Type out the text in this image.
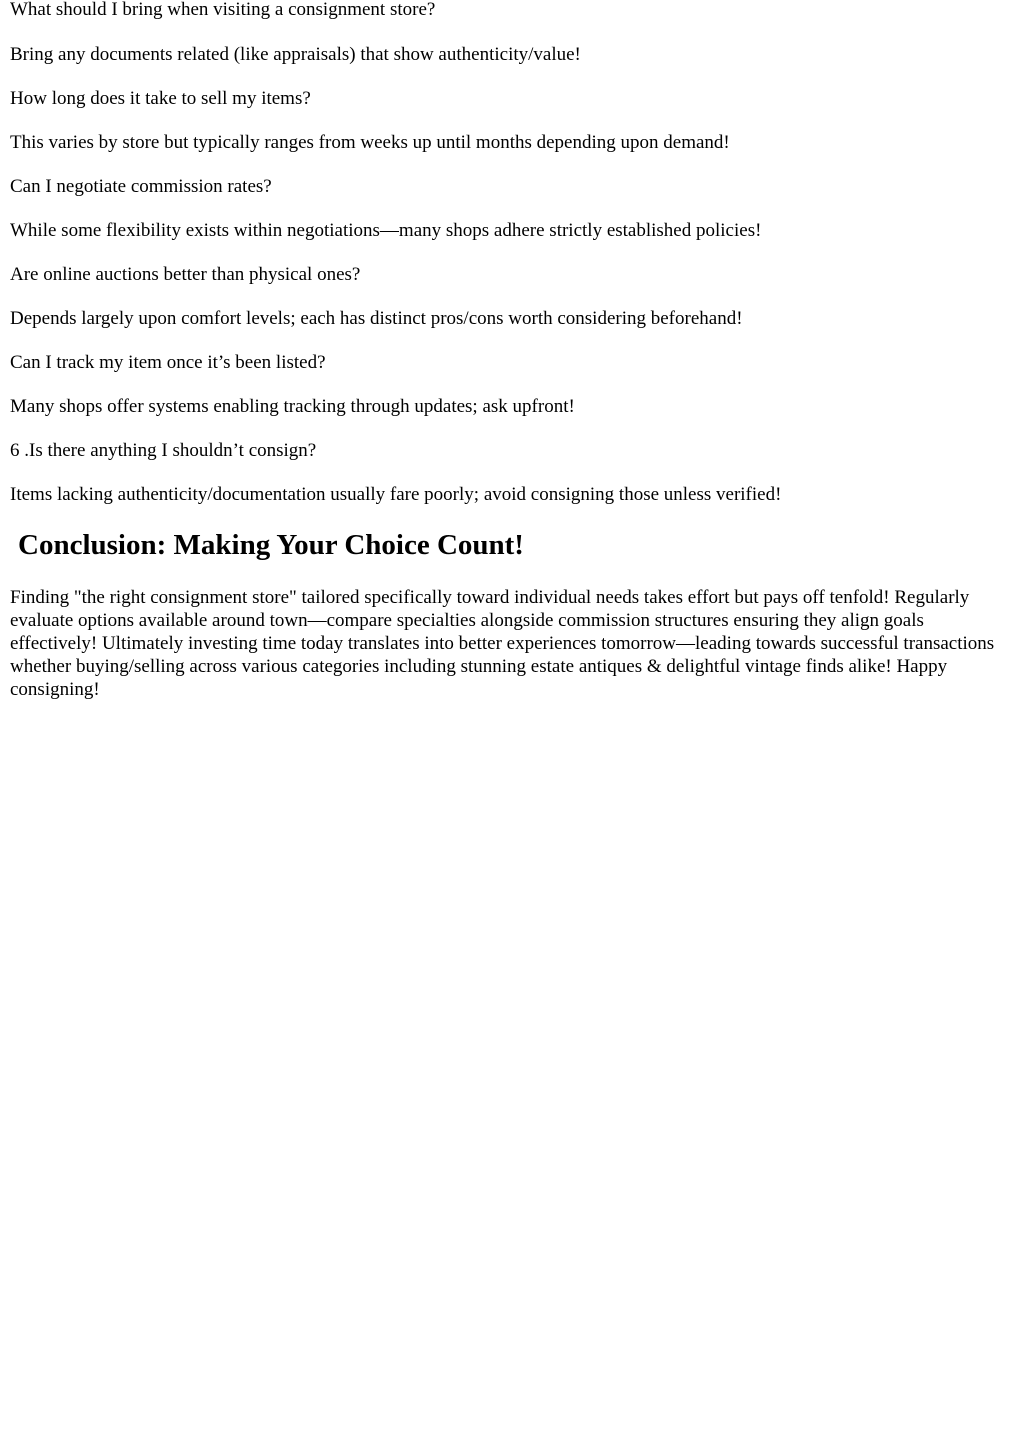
What should I bring when visiting a consignment store?

Bring any documents related (like appraisals) that show authenticity/value!

How long does it take to sell my items?

This varies by store but typically ranges from weeks up until months depending upon demand!

Can I negotiate commission rates?

While some flexibility exists within negotiations—many shops adhere strictly established policies!

Are online auctions better than physical ones?

Depends largely upon comfort levels; each has distinct pros/cons worth considering beforehand!

Can I track my item once it’s been listed?

Many shops offer systems enabling tracking through updates; ask upfront!

6 .Is there anything I shouldn’t consign?

Items lacking authenticity/documentation usually fare poorly; avoid consigning those unless verified!

Conclusion: Making Your Choice Count!

Finding "the right consignment store" tailored specifically toward individual needs takes effort but pays off tenfold! Regularly evaluate options available around town—compare specialties alongside commission structures ensuring they align goals effectively! Ultimately investing time today translates into better experiences tomorrow—leading towards successful transactions whether buying/selling across various categories including stunning estate antiques & delightful vintage finds alike! Happy consigning!
